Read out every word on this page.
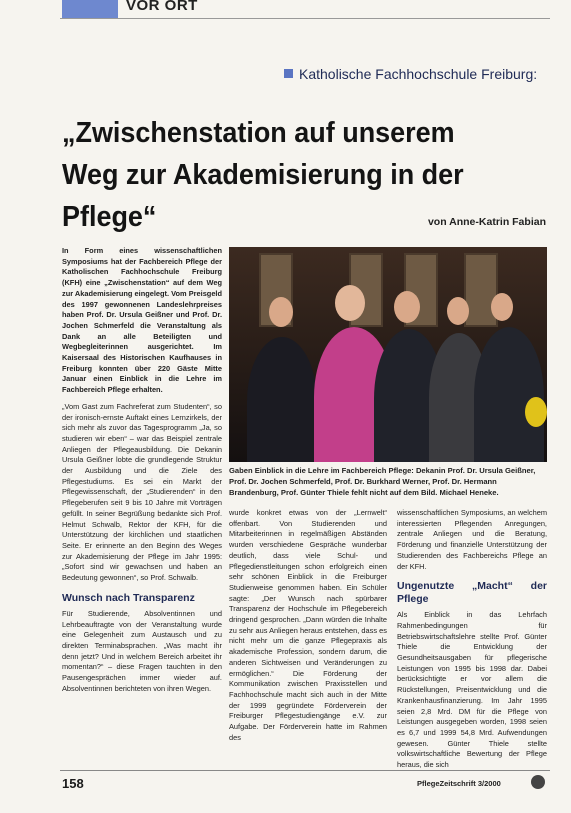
VOR ORT
Katholische Fachhochschule Freiburg:
„Zwischenstation auf unserem Weg zur Akademisierung in der Pflege“	von Anne-Katrin Fabian

In Form eines wissenschaftlichen Symposiums hat der Fachbereich Pflege der Katholischen Fachhochschule Freiburg (KFH) eine „Zwischenstation“ auf dem Weg zur Akademisierung eingelegt. Vom Preisgeld des 1997 gewonnenen Landeslehrpreises haben Prof. Dr. Ursula Geißner und Prof. Dr. Jochen Schmerfeld die Veranstaltung als Dank an alle Beteiligten und Wegbegleiterinnen ausgerichtet. Im Kaisersaal des Historischen Kaufhauses in Freiburg konnten über 220 Gäste Mitte Januar einen Einblick in die Lehre im Fachbereich Pflege erhalten.

„Vom Gast zum Fachreferat zum Studenten“, so der ironisch-ernste Auftakt eines Lernzirkels, der sich mehr als zuvor das Tagesprogramm „Ja, so studieren wir eben“ – war das Beispiel zentrale Anliegen der Pflegeausbildung. Die Dekanin Ursula Geißner lobte die grundlegende Struktur der Ausbildung und die Ziele des Pflegestudiums. Es sei ein Markt der Pflegewissenschaft, der „Studierenden“ in den Pflegeberufen seit 9 bis 10 Jahre mit Vorträgen gefüllt. In seiner Begrüßung bedankte sich Prof. Helmut Schwalb, Rektor der KFH, für die Unterstützung der kirchlichen und staatlichen Seite. Er erinnerte an den Beginn des Weges zur Akademisierung der Pflege im Jahr 1995: „Sofort sind wir gewachsen und haben an Bedeutung gewonnen“, so Prof. Schwalb.

Wunsch nach Transparenz

Für Studierende, Absolventinnen und Lehrbeauftragte von der Veranstaltung wurde eine Gelegenheit zum Austausch und zu direkten Terminabsprachen. „Was macht ihr denn jetzt? Und in welchem Bereich arbeitet ihr momentan?“ – diese Fragen tauchten in den Pausengesprächen immer wieder auf. Absolventinnen berichteten von ihren Wegen.

Gaben Einblick in die Lehre im Fachbereich Pflege: Dekanin Prof. Dr. Ursula Geißner, Prof. Dr. Jochen Schmerfeld, Prof. Dr. Burkhard Werner, Prof. Dr. Hermann Brandenburg, Prof. Günter Thiele fehlt nicht auf dem Bild. Michael Heneke.

wurde konkret etwas von der „Lernwelt“ offenbart. Von Studierenden und Mitarbeiterinnen in regelmäßigen Abständen wurden verschiedene Gespräche wunderbar deutlich, dass viele Schul- und Pflegedienstleitungen schon erfolgreich einen sehr schönen Einblick in die Freiburger Studienweise genommen haben. Ein Schüler sagte: „Der Wunsch nach spürbarer Transparenz der Hochschule im Pflegebereich dringend gesprochen. „Dann würden die Inhalte zu sehr aus Anliegen heraus entstehen, dass es nicht mehr um die ganze Pflegepraxis als akademische Profession, sondern darum, die anderen Sichtweisen und Veränderungen zu ermöglichen.“ Die Förderung der Kommunikation zwischen Praxisstellen und Fachhochschule macht sich auch in der Mitte der 1999 gegründete Förderverein der Freiburger Pflegestudiengänge e.V. zur Aufgabe. Der Förderverein hatte im Rahmen des

wissenschaftlichen Symposiums, an welchem interessierten Pflegenden Anregungen, zentrale Anliegen und die Beratung, Förderung und finanzielle Unterstützung der Studierenden des Fachbereichs Pflege an der KFH.

Ungenutzte „Macht“ der Pflege

Als Einblick in das Lehrfach Rahmenbedingungen für Betriebswirtschaftslehre stellte Prof. Günter Thiele die Entwicklung der Gesundheitsausgaben für pflegerische Leistungen von 1995 bis 1998 dar. Dabei berücksichtigte er vor allem die Rückstellungen, Preisentwicklung und die Krankenhausfinanzierung. Im Jahr 1995 seien 2,8 Mrd. DM für die Pflege von Leistungen ausgegeben worden, 1998 seien es 6,7 und 1999 54,8 Mrd. Aufwendungen gewesen. Günter Thiele stellte volkswirtschaftliche Bewertung der Pflege heraus, die sich

158	PflegeZeitschrift 3/2000
